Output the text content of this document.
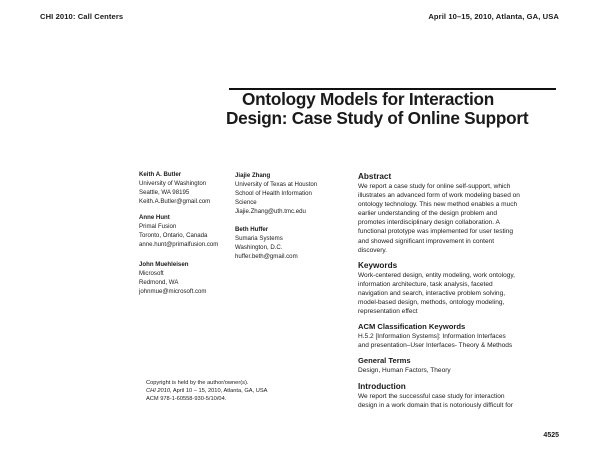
CHI 2010: Call Centers	April 10–15, 2010, Atlanta, GA, USA
Ontology Models for Interaction
Design: Case Study of Online Support
Keith A. Butler
University of Washington
Seattle, WA 98195
Keith.A.Butler@gmail.com
Anne Hunt
Primal Fusion
Toronto, Ontario, Canada
anne.hunt@primalfusion.com
John Muehleisen
Microsoft
Redmond, WA
johnmue@microsoft.com
Jiajie Zhang
University of Texas at Houston
School of Health Information
Science
Jiajie.Zhang@uth.tmc.edu
Beth Huffer
Sumaria Systems
Washington, D.C.
huffer.beth@gmail.com
Abstract
We report a case study for online self-support, which
illustrates an advanced form of work modeling based on
ontology technology. This new method enables a much
earlier understanding of the design problem and
promotes interdisciplinary design collaboration. A
functional prototype was implemented for user testing
and showed significant improvement in content
discovery.
Keywords
Work-centered design, entity modeling, work ontology,
information architecture, task analysis, faceted
navigation and search, interactive problem solving,
model-based design, methods, ontology modeling,
representation effect
ACM Classification Keywords
H.5.2 [Information Systems]: Information Interfaces
and presentation–User Interfaces- Theory & Methods
General Terms
Design, Human Factors, Theory
Introduction
We report the successful case study for interaction
design in a work domain that is notoriously difficult for
Copyright is held by the author/owner(s).
CHI 2010, April 10 – 15, 2010, Atlanta, GA, USA
ACM 978-1-60558-930-5/10/04.
4525
